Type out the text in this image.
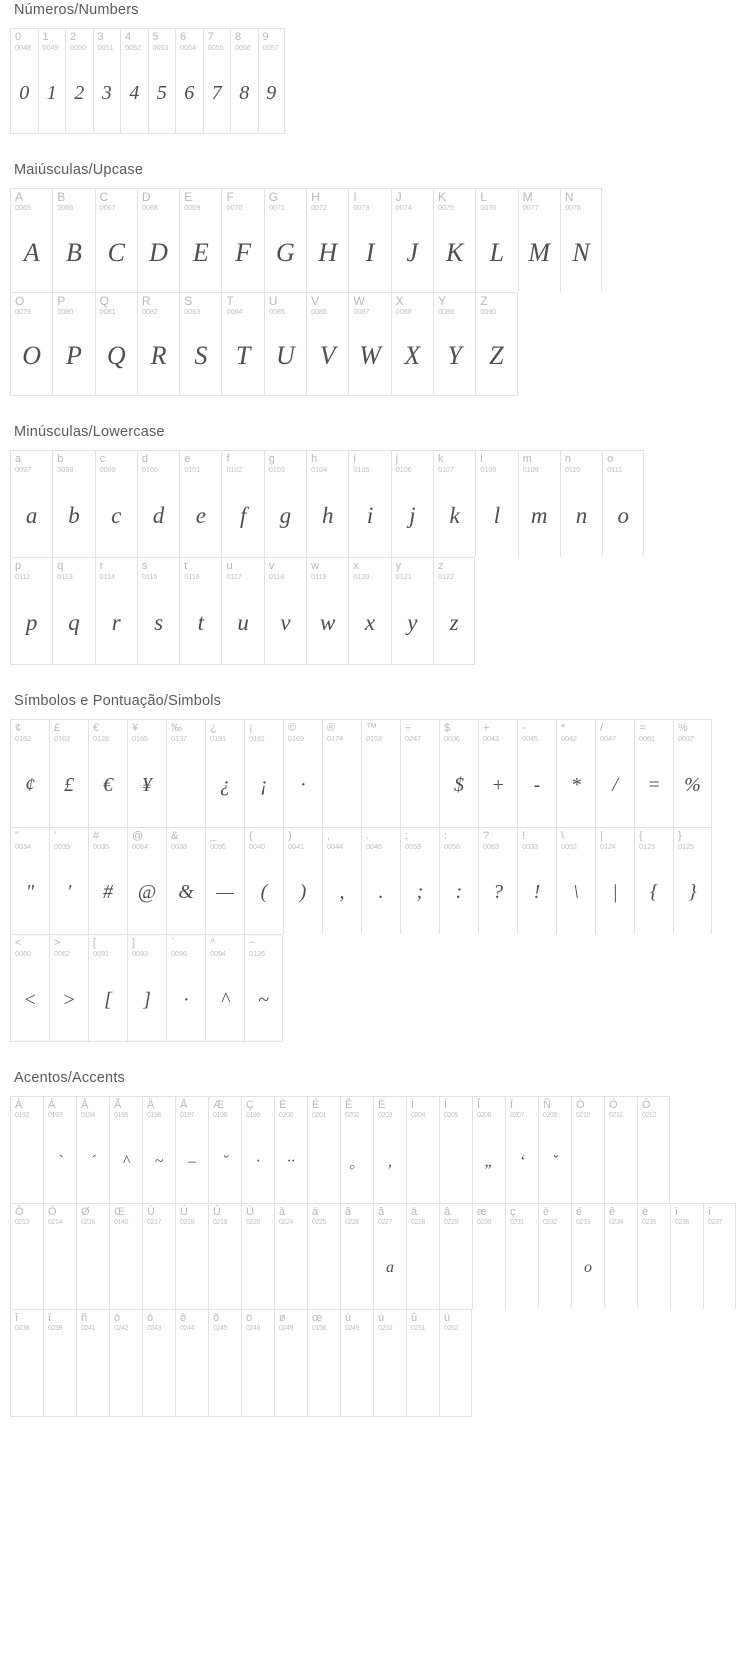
Números/Numbers
0
0048
0
1
0049
1
2
0050
2
3
0051
3
4
0052
4
5
0053
5
6
0054
6
7
0055
7
8
0056
8
9
0057
9
Maiúsculas/Upcase
A
0065
A
B
0066
B
C
0067
C
D
0068
D
E
0069
E
F
0070
F
G
0071
G
H
0072
H
I
0073
I
J
0074
J
K
0075
K
L
0076
L
M
0077
M
N
0078
N
O
0079
O
P
0080
P
Q
0081
Q
R
0082
R
S
0083
S
T
0084
T
U
0085
U
V
0086
V
W
0087
W
X
0088
X
Y
0089
Y
Z
0090
Z
Minúsculas/Lowercase
a
0097
a
b
0098
b
c
0099
c
d
0100
d
e
0101
e
f
0102
f
g
0103
g
h
0104
h
i
0105
i
j
0106
j
k
0107
k
l
0108
l
m
0109
m
n
0110
n
o
0111
o
p
0112
p
q
0113
q
r
0114
r
s
0115
s
t
0116
t
u
0117
u
v
0118
v
w
0119
w
x
0120
x
y
0121
y
z
0122
z
Símbolos e Pontuação/Simbols
¢
0162
¢
£
0163
£
€
0128
€
¥
0165
¥
‰
0137
¿
0191
¿
¡
0161
¡
©
0169
·
®
0174
™
0153
÷
0247
$
0036
$
+
0043
+
-
0045
-
*
0042
*
/
0047
/
=
0061
=
%
0037
%
"
0034
"
'
0039
'
#
0035
#
@
0064
@
&
0038
&
_
0095
—
(
0040
(
)
0041
)
,
0044
,
.
0046
.
;
0059
;
:
0058
:
?
0063
?
!
0033
!
\
0092
\
|
0124
|
{
0123
{
}
0125
}
<
0060
<
>
0062
>
[
0091
[
]
0093
]
`
0096
·
^
0094
^
~
0126
~
Acentos/Accents
À
0192
Á
0193
`
Â
0194
´
Ã
0195
^
Ä
0196
~
Å
0197
–
Æ
0198
˘
Ç
0199
·
È
0200
··
É
0201
Ê
0202
。
Ë
0203
,
Ì
0204
Í
0205
Î
0206
„
Ï
0207
‘
Ñ
0209
ˇ
Ò
0210
Ó
0211
Ô
0212
Õ
0213
Ö
0214
Ø
0216
Œ
0140
Ù
0217
Ú
0218
Û
0219
Ü
0220
à
0224
á
0225
â
0226
ã
0227
a
ä
0228
â
0229
æ
0230
ç
0231
è
0232
é
0233
o
ê
0234
ë
0235
ì
0236
í
0237
î
0238
ï
0239
ñ
0241
ò
0242
ó
0243
ô
0244
õ
0245
ö
0246
ø
0248
œ
0156
ù
0249
ú
0250
û
0251
ü
0252
